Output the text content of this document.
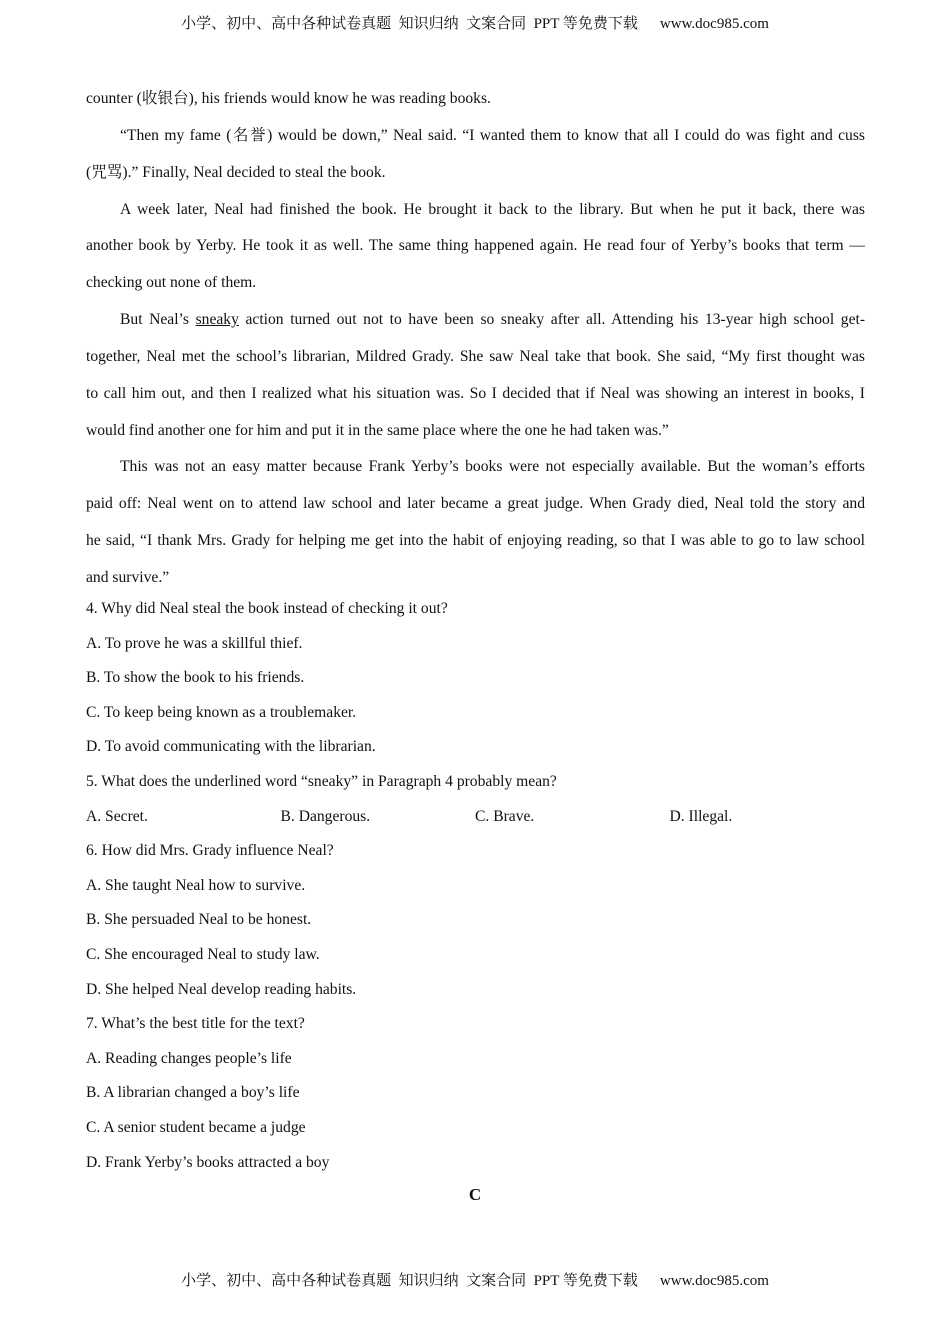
小学、初中、高中各种试卷真题  知识归纳  文案合同  PPT 等免费下载 www.doc985.com
counter (收银台), his friends would know he was reading books.
“Then my fame (名誉) would be down,” Neal said. “I wanted them to know that all I could do was fight and cuss
(咒骂).” Finally, Neal decided to steal the book.
A week later, Neal had finished the book. He brought it back to the library. But when he put it back, there was
another book by Yerby. He took it as well. The same thing happened again. He read four of Yerby’s books that term —
checking out none of them.
But Neal’s sneaky action turned out not to have been so sneaky after all. Attending his 13-year high school get-
together, Neal met the school’s librarian, Mildred Grady. She saw Neal take that book. She said, “My first thought was
to call him out, and then I realized what his situation was. So I decided that if Neal was showing an interest in books, I
would find another one for him and put it in the same place where the one he had taken was.”
This was not an easy matter because Frank Yerby’s books were not especially available. But the woman’s efforts
paid off: Neal went on to attend law school and later became a great judge. When Grady died, Neal told the story and
he said, “I thank Mrs. Grady for helping me get into the habit of enjoying reading, so that I was able to go to law school
and survive.”
4. Why did Neal steal the book instead of checking it out?
A. To prove he was a skillful thief.
B. To show the book to his friends.
C. To keep being known as a troublemaker.
D. To avoid communicating with the librarian.
5. What does the underlined word “sneaky” in Paragraph 4 probably mean?
A. Secret.	B. Dangerous.	C. Brave.	D. Illegal.
6. How did Mrs. Grady influence Neal?
A. She taught Neal how to survive.
B. She persuaded Neal to be honest.
C. She encouraged Neal to study law.
D. She helped Neal develop reading habits.
7. What’s the best title for the text?
A. Reading changes people’s life
B. A librarian changed a boy’s life
C. A senior student became a judge
D. Frank Yerby’s books attracted a boy
C
小学、初中、高中各种试卷真题  知识归纳  文案合同  PPT 等免费下载 www.doc985.com
